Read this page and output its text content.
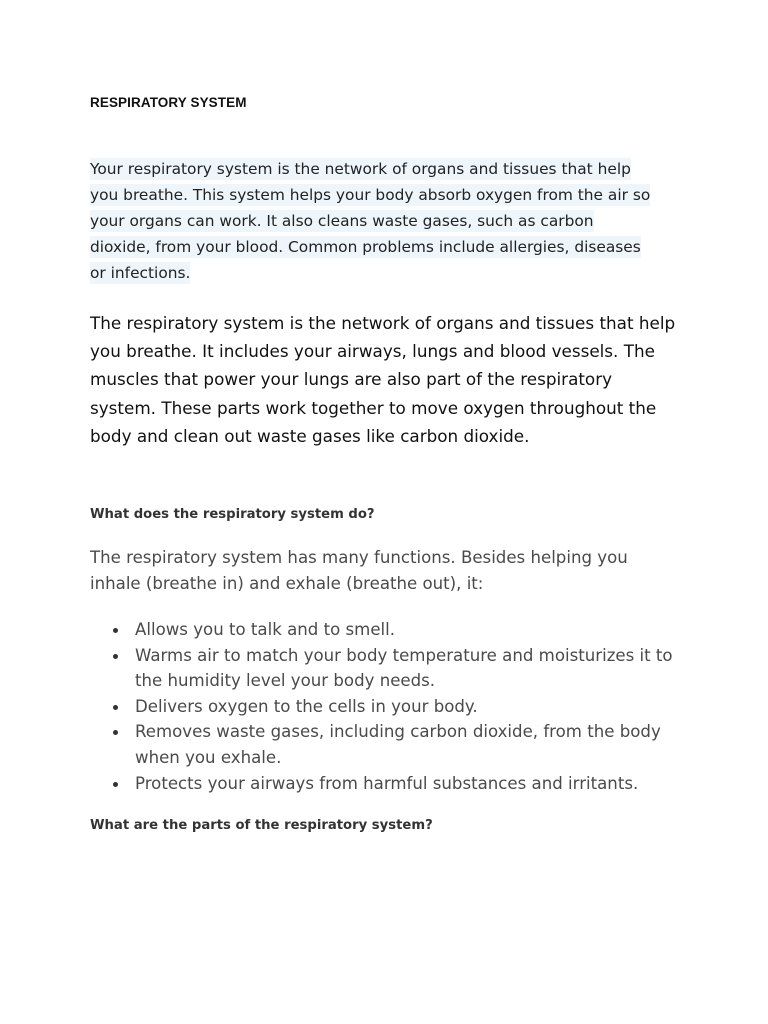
RESPIRATORY SYSTEM

Your respiratory system is the network of organs and tissues that help you breathe. This system helps your body absorb oxygen from the air so your organs can work. It also cleans waste gases, such as carbon dioxide, from your blood. Common problems include allergies, diseases or infections.

The respiratory system is the network of organs and tissues that help you breathe. It includes your airways, lungs and blood vessels. The muscles that power your lungs are also part of the respiratory system. These parts work together to move oxygen throughout the body and clean out waste gases like carbon dioxide.

What does the respiratory system do?

The respiratory system has many functions. Besides helping you inhale (breathe in) and exhale (breathe out), it:

Allows you to talk and to smell.
Warms air to match your body temperature and moisturizes it to the humidity level your body needs.
Delivers oxygen to the cells in your body.
Removes waste gases, including carbon dioxide, from the body when you exhale.
Protects your airways from harmful substances and irritants.
What are the parts of the respiratory system?
